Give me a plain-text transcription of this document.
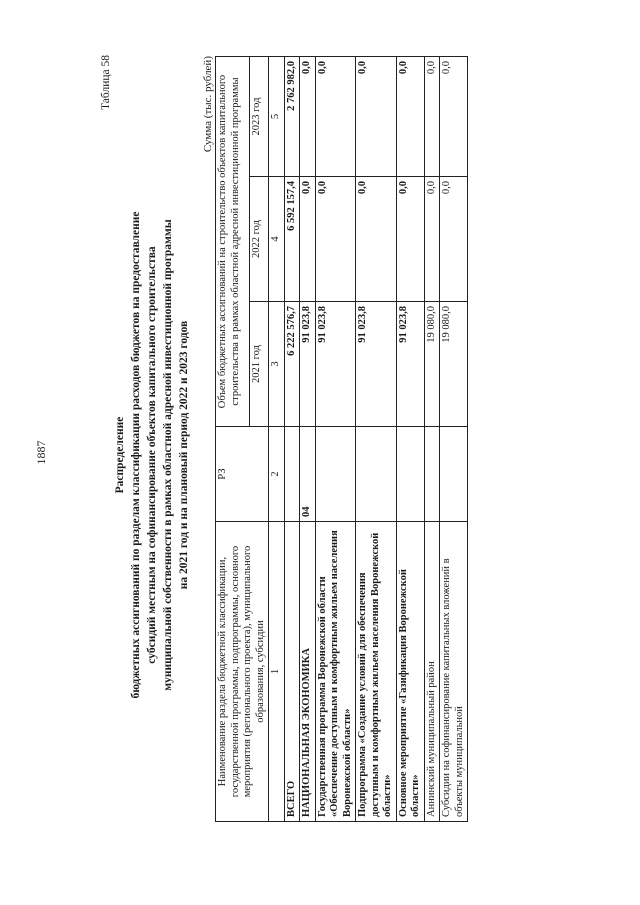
1887
Таблица 58
Распределение бюджетных ассигнований по разделам классификации расходов бюджетов на предоставление субсидий местным на софинансирование объектов капитального строительства муниципальной собственности в рамках областной адресной инвестиционной программы на 2021 год и на плановый период 2022 и 2023 годов
Сумма (тыс. рублей)
Наименование раздела бюджетной классификации, государственной программы, подпрограммы, основного мероприятия (регионального проекта), муниципального образования, субсидии	РЗ	Объем бюджетных ассигнований на строительство объектов капитального строительства в рамках областной адресной инвестиционной программы		
		2021 год	2022 год	2023 год
1	2	3	4	5
ВСЕГО		6 222 576,7	6 592 157,4	2 762 982,0
НАЦИОНАЛЬНАЯ ЭКОНОМИКА	04	91 023,8	0,0	0,0
Государственная программа Воронежской области «Обеспечение доступным и комфортным жильем населения Воронежской области»		91 023,8	0,0	0,0
Подпрограмма «Создание условий для обеспечения доступным и комфортным жильем населения Воронежской области»		91 023,8	0,0	0,0
Основное мероприятие «Газификация Воронежской области»		91 023,8	0,0	0,0
Аннинский муниципальный район		19 080,0	0,0	0,0
Субсидии на софинансирование капитальных вложений в объекты муниципальной		19 080,0	0,0	0,0
